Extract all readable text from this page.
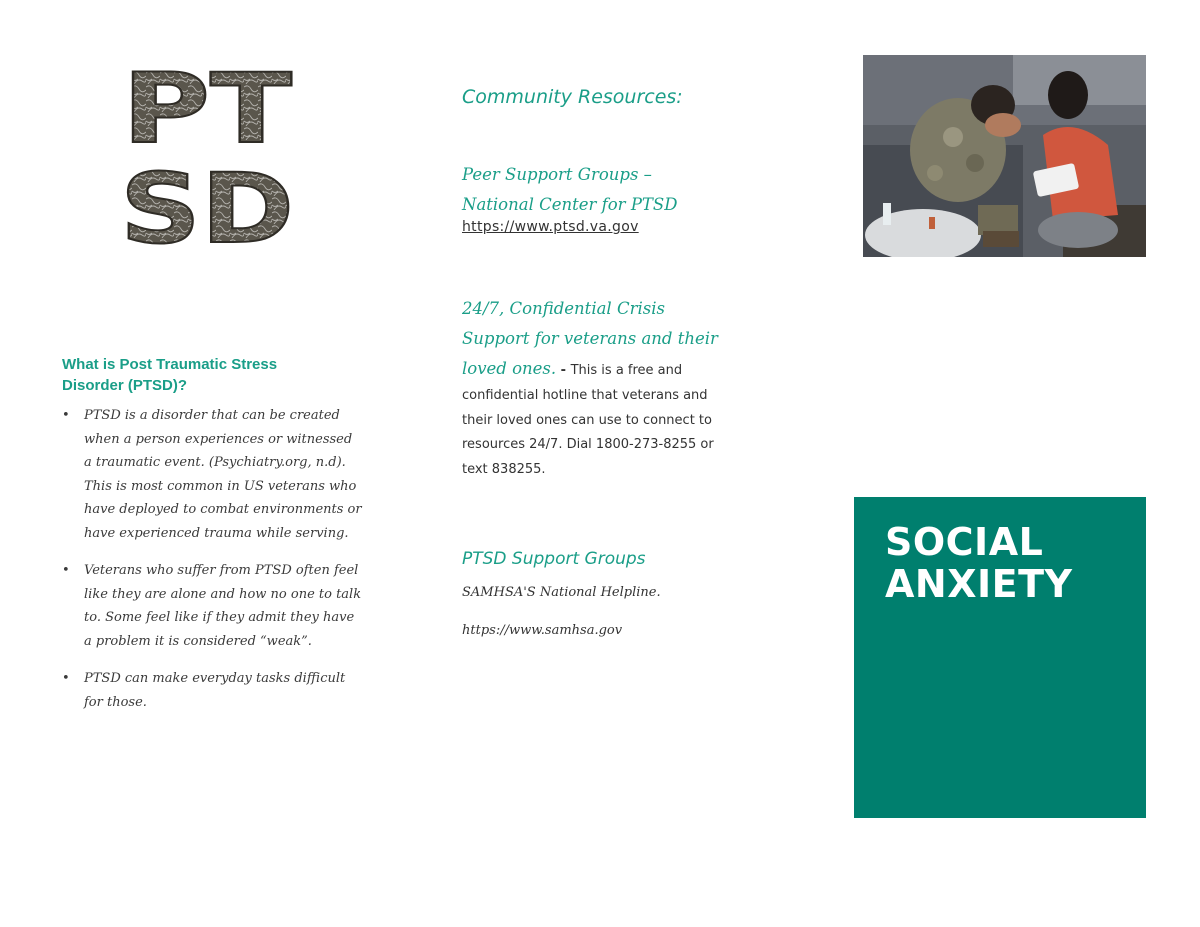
PT
SD
What is Post Traumatic Stress Disorder (PTSD)?
• PTSD is a disorder that can be created when a person experiences or witnessed a traumatic event. (Psychiatry.org, n.d). This is most common in US veterans who have deployed to combat environments or have experienced trauma while serving.
• Veterans who suffer from PTSD often feel like they are alone and how no one to talk to. Some feel like if they admit they have a problem it is considered “weak”.
• PTSD can make everyday tasks difficult for those.
Community Resources:
Peer Support Groups –
National Center for PTSD
https://www.ptsd.va.gov
24/7, Confidential Crisis
Support for veterans and their
loved ones. - This is a free and
confidential hotline that veterans and
their loved ones can use to connect to
resources 24/7. Dial 1800-273-8255 or
text 838255.
PTSD Support Groups
SAMHSA'S National Helpline.
https://www.samhsa.gov
SOCIAL
ANXIETY
